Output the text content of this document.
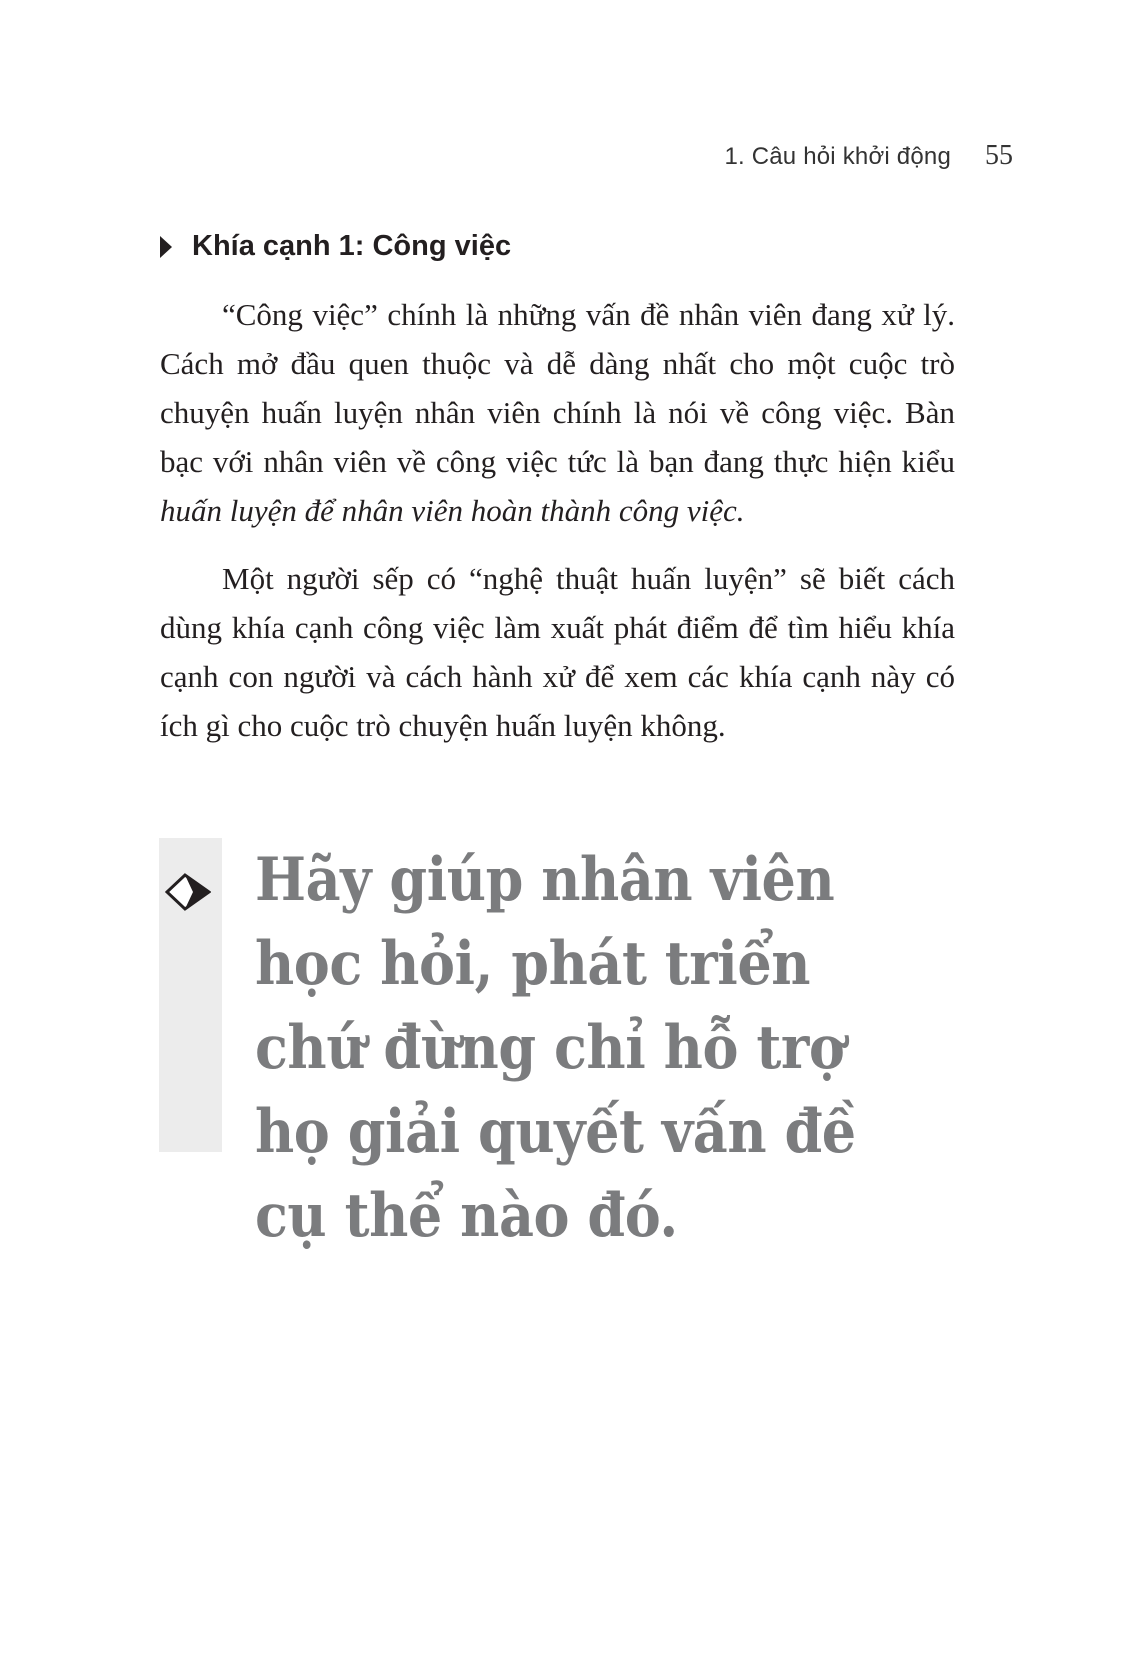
1. Câu hỏi khởi động 55
Khía cạnh 1: Công việc

“Công việc” chính là những vấn đề nhân viên đang xử lý. Cách mở đầu quen thuộc và dễ dàng nhất cho một cuộc trò chuyện huấn luyện nhân viên chính là nói về công việc. Bàn bạc với nhân viên về công việc tức là bạn đang thực hiện kiểu huấn luyện để nhân viên hoàn thành công việc.

Một người sếp có “nghệ thuật huấn luyện” sẽ biết cách dùng khía cạnh công việc làm xuất phát điểm để tìm hiểu khía cạnh con người và cách hành xử để xem các khía cạnh này có ích gì cho cuộc trò chuyện huấn luyện không.

Hãy giúp nhân viên học hỏi, phát triển chứ đừng chỉ hỗ trợ họ giải quyết vấn đề cụ thể nào đó.
